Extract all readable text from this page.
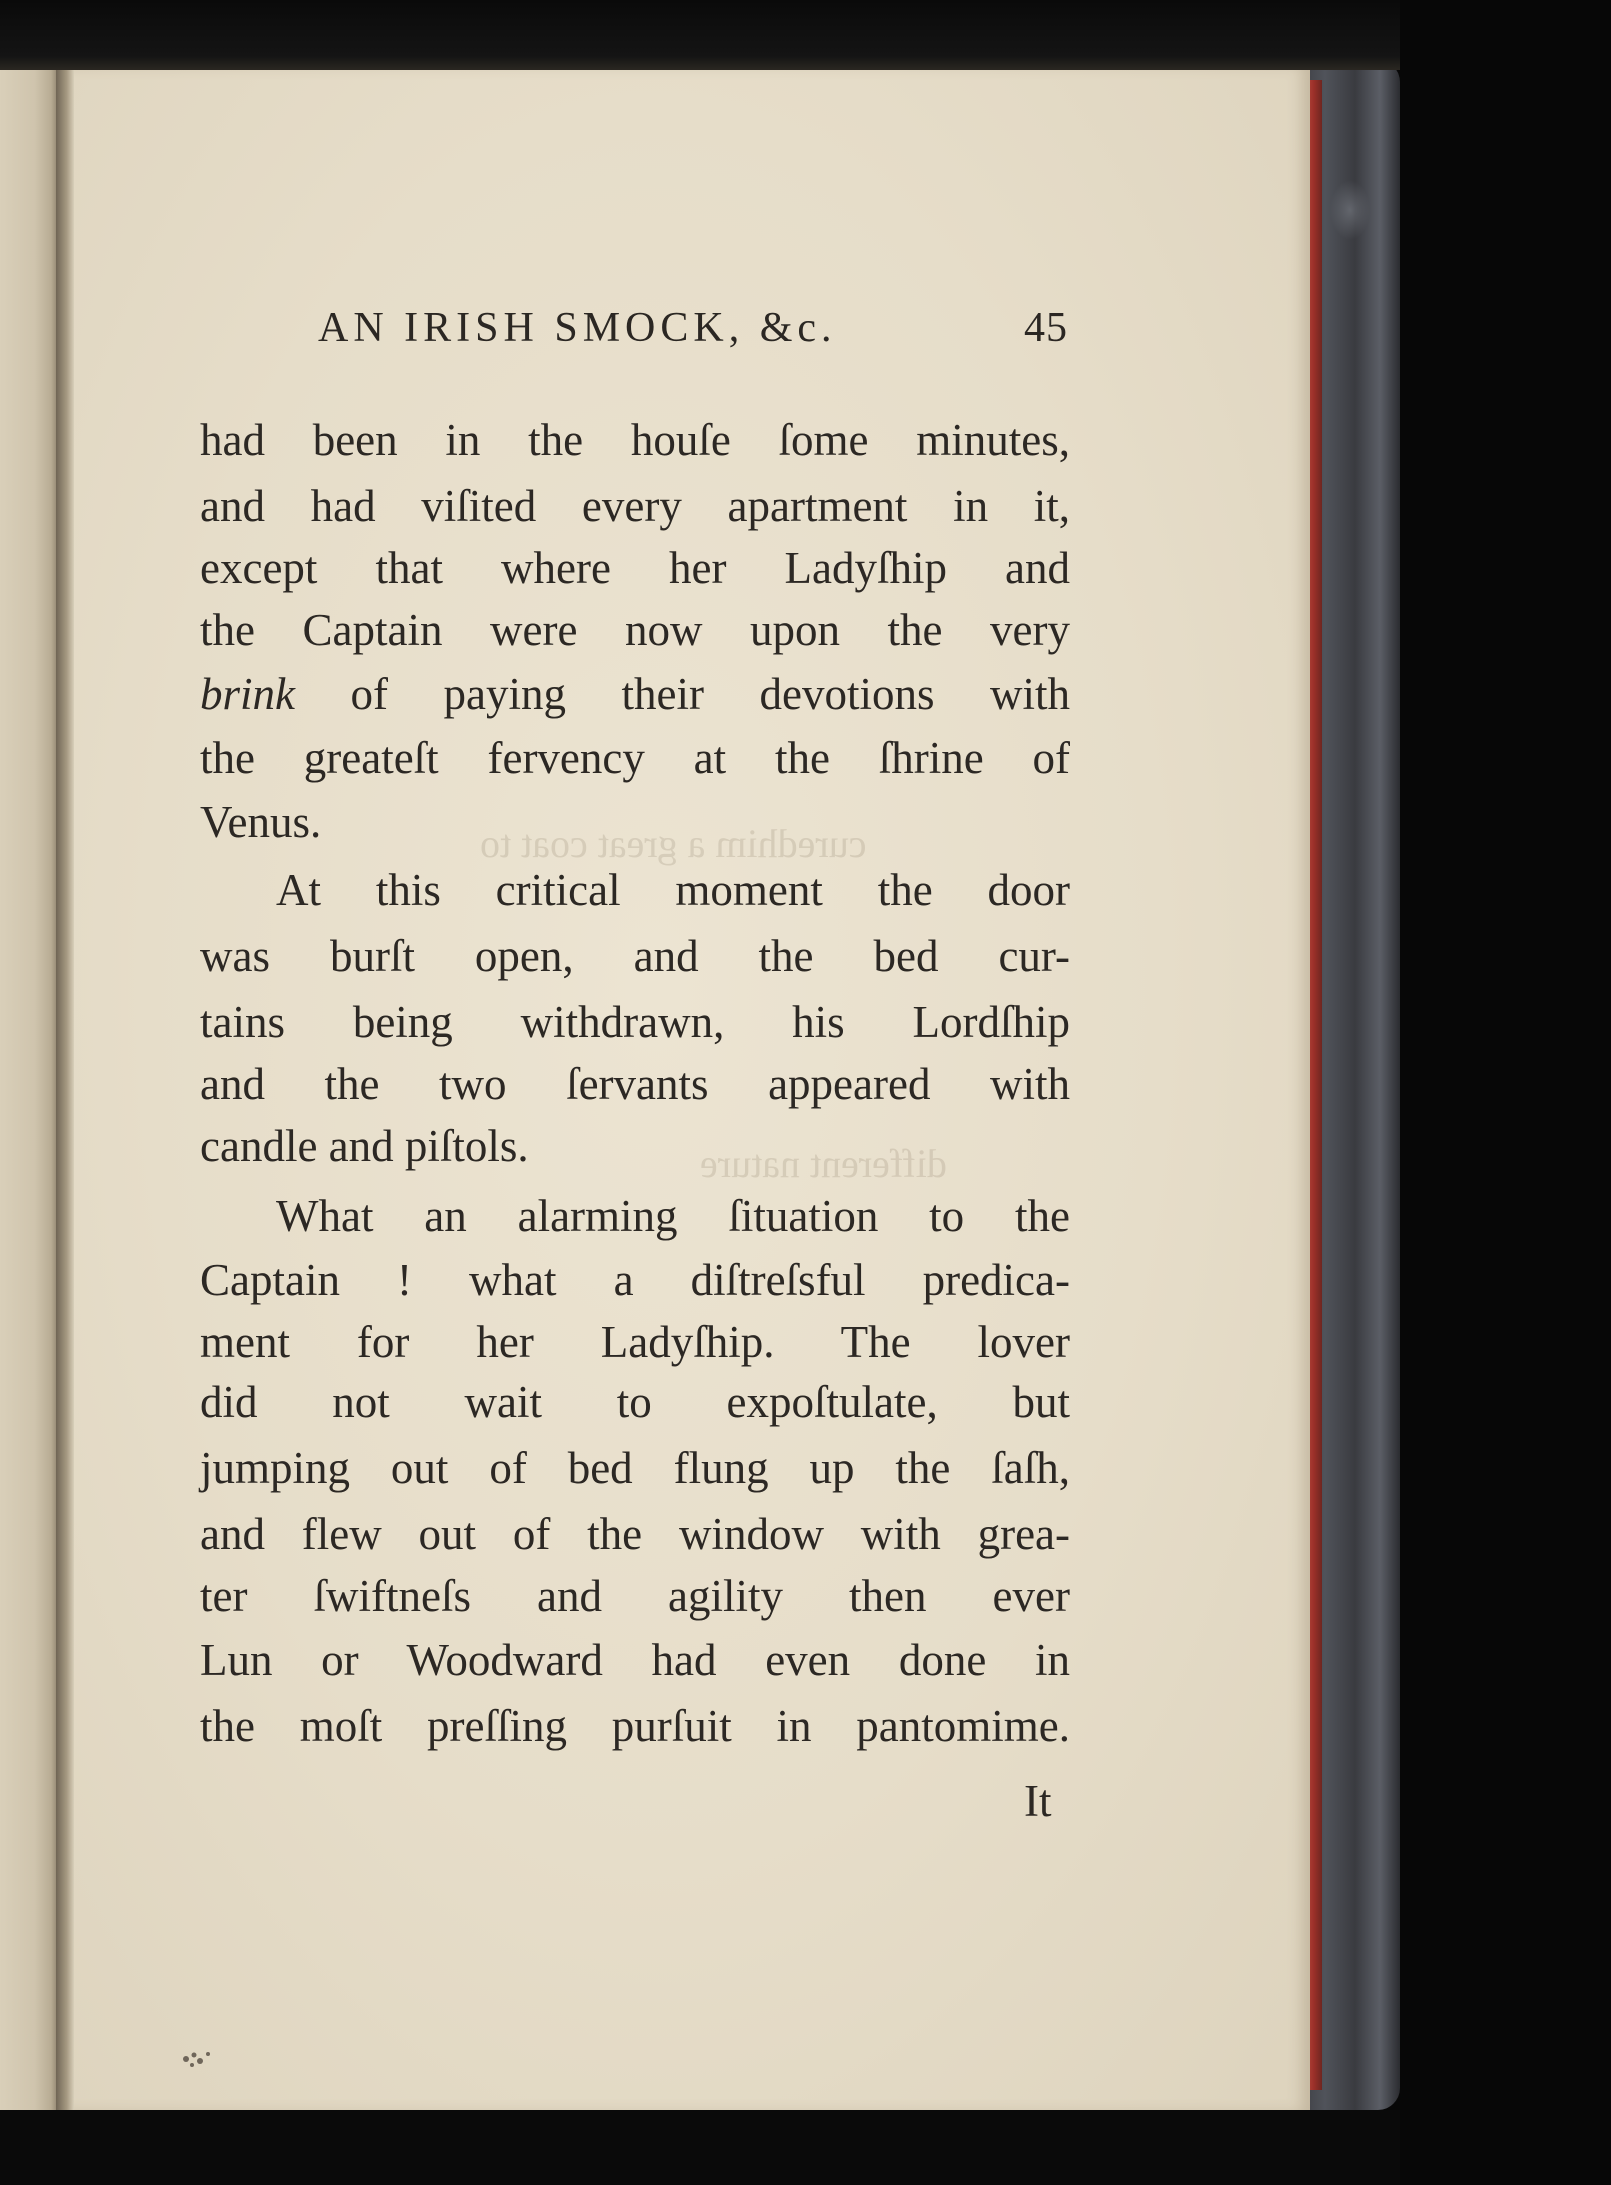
curedhim a great coat to
different nature
AN IRISH SMOCK, &c.	45
had been in the houſe ſome minutes,
and had viſited every apartment in it,
except that where her Ladyſhip and
the Captain were now upon the very
brink of paying their devotions with
the greateſt fervency at the ſhrine of
Venus.
At this critical moment the door
was burſt open, and the bed cur-
tains being withdrawn, his Lordſhip
and the two ſervants appeared with
candle and piſtols.
What an alarming ſituation to the
Captain ! what a diſtreſsful predica-
ment for her Ladyſhip. The lover
did not wait to expoſtulate, but
jumping out of bed flung up the ſaſh,
and flew out of the window with grea-
ter ſwiftneſs and agility then ever
Lun or Woodward had even done in
the moſt preſſing purſuit in pantomime.
It
